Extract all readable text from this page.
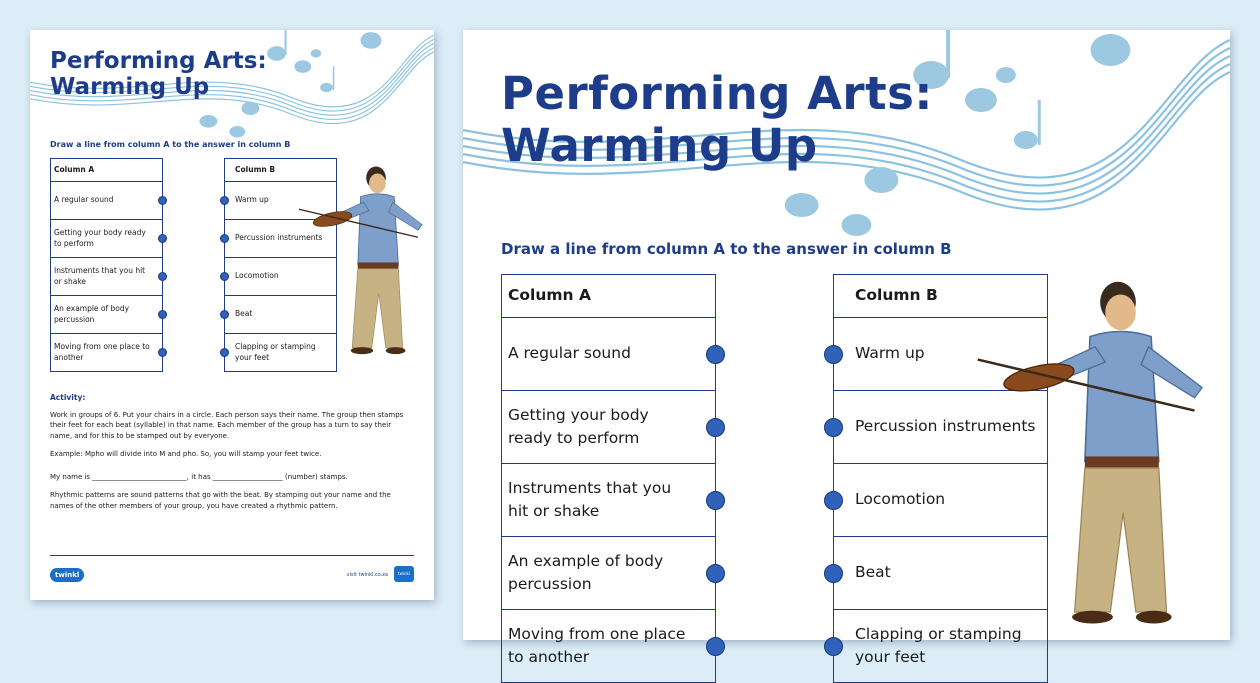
Performing Arts:
Warming Up
Draw a line from column A to the answer in column B
Column A
A regular sound
Getting your body ready to perform
Instruments that you hit or shake
An example of body percussion
Moving from one place to another
Column B
Warm up
Percussion instruments
Locomotion
Beat
Clapping or stamping your feet
Activity:

Work in groups of 6. Put your chairs in a circle. Each person says their name. The group then stamps their feet for each beat (syllable) in that name. Each member of the group has a turn to say their name, and for this to be stamped out by everyone.

Example: Mpho will divide into M and pho. So, you will stamp your feet twice.

My name is ___________________________, it has ____________________ (number) stamps.

Rhythmic patterns are sound patterns that go with the beat. By stamping out your name and the names of the other members of your group, you have created a rhythmic pattern.

twinkl	visit twinkl.co.za	twinkl
Performing Arts:
Warming Up
Draw a line from column A to the answer in column B
Column A
A regular sound
Getting your body ready to perform
Instruments that you hit or shake
An example of body percussion
Moving from one place to another
Column B
Warm up
Percussion instruments
Locomotion
Beat
Clapping or stamping your feet
